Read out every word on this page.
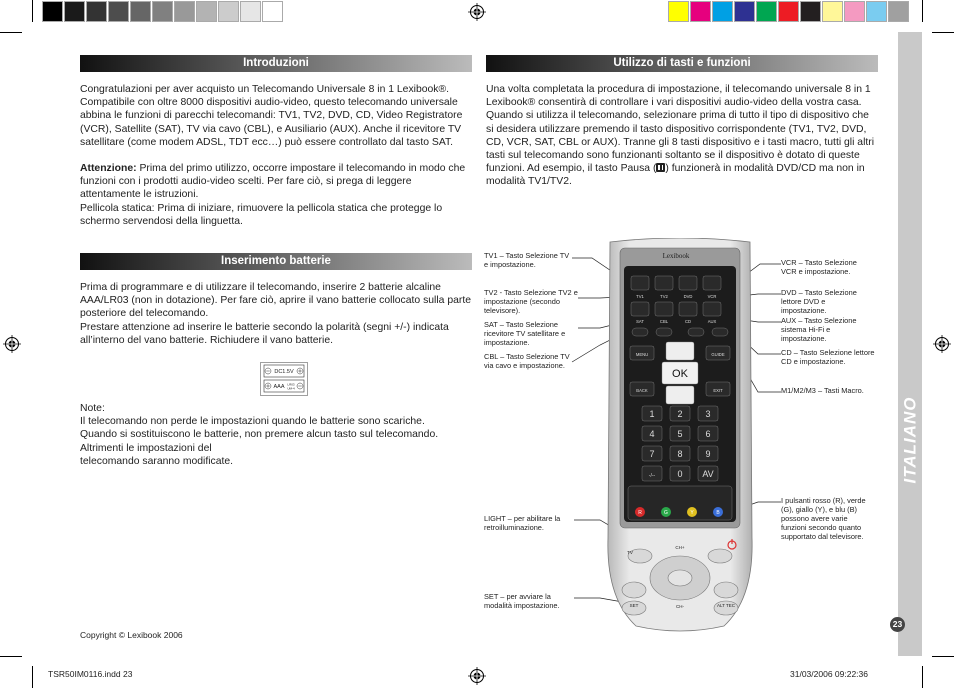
ITALIANO
23
Introduzioni

Congratulazioni per aver acquisto un Telecomando Universale 8 in 1 Lexibook®. Compatibile con oltre 8000 dispositivi audio-video, questo telecomando universale abbina le funzioni di parecchi telecomandi: TV1, TV2, DVD, CD, Video Registratore (VCR), Satellite (SAT), TV via cavo (CBL), e Ausiliario (AUX). Anche il ricevitore TV satellitare (come modem ADSL, TDT ecc…) può essere controllato dal tasto SAT.

Attenzione: Prima del primo utilizzo, occorre impostare il telecomando in modo che funzioni con i prodotti audio-video scelti. Per fare ciò, si prega di leggere attentamente le istruzioni.

Pellicola statica: Prima di iniziare, rimuovere la pellicola statica che protegge lo schermo servendosi della linguetta.

Inserimento batterie

Prima di programmare e di utilizzare il telecomando, inserire 2 batterie alcaline AAA/LR03 (non in dotazione). Per fare ciò, aprire il vano batterie collocato sulla parte posteriore del telecomando.

Prestare attenzione ad inserire le batterie secondo la polarità (segni +/-) indicata all’interno del vano batterie. Richiudere il vano batterie.

DC1.5V
AAA LR03
UM-4

Note:

Il telecomando non perde le impostazioni quando le batterie sono scariche.

Quando si sostituiscono le batterie, non premere alcun tasto sul telecomando.

Altrimenti le impostazioni del

telecomando saranno modificate.

Copyright © Lexibook 2006
Utilizzo di tasti e funzioni

Una volta completata la procedura di impostazione, il telecomando universale 8 in 1 Lexibook® consentirà di controllare i vari dispositivi audio-video della vostra casa. Quando si utilizza il telecomando, selezionare prima di tutto il tipo di dispositivo che si desidera utilizzare premendo il tasto dispositivo corrispondente (TV1, TV2, DVD, CD, VCR, SAT, CBL or AUX). Tranne gli 8 tasti dispositivo e i tasti macro, tutti gli altri tasti sul telecomando sono funzionanti soltanto se il dispositivo è dotato di queste funzioni. Ad esempio, il tasto Pausa ( ) funzionerà in modalità DVD/CD ma non in modalità TV1/TV2.

TV1 – Tasto Selezione TV e impostazione.
TV2 - Tasto Selezione TV2 e impostazione (secondo televisore).
SAT – Tasto Selezione ricevitore TV satellitare e impostazione.
CBL – Tasto Selezione TV via cavo e impostazione.
LIGHT – per abilitare la retroilluminazione.
SET – per avviare la modalità impostazione.
VCR – Tasto Selezione VCR e impostazione.
DVD – Tasto Selezione lettore DVD e impostazione.
AUX – Tasto Selezione sistema Hi-Fi e impostazione.
CD – Tasto Selezione lettore CD e impostazione.
M1/M2/M3 – Tasti Macro.
I pulsanti rosso (R), verde (G), giallo (Y), e blu (B) possono avere varie funzioni secondo quanto supportato dal televisore.
Lexibook
TV1	TV2	DVD	VCR
SAT	CBL	CD	AUX
MENU	GUIDE
OK
BACK	EXIT
1	2	3
4	5	6
7	8	9
-/-- 0 AV
R	G	Y	B
CH+
CH-
SET	ALT TEC
TV
TSR50IM0116.indd 23	31/03/2006 09:22:36
